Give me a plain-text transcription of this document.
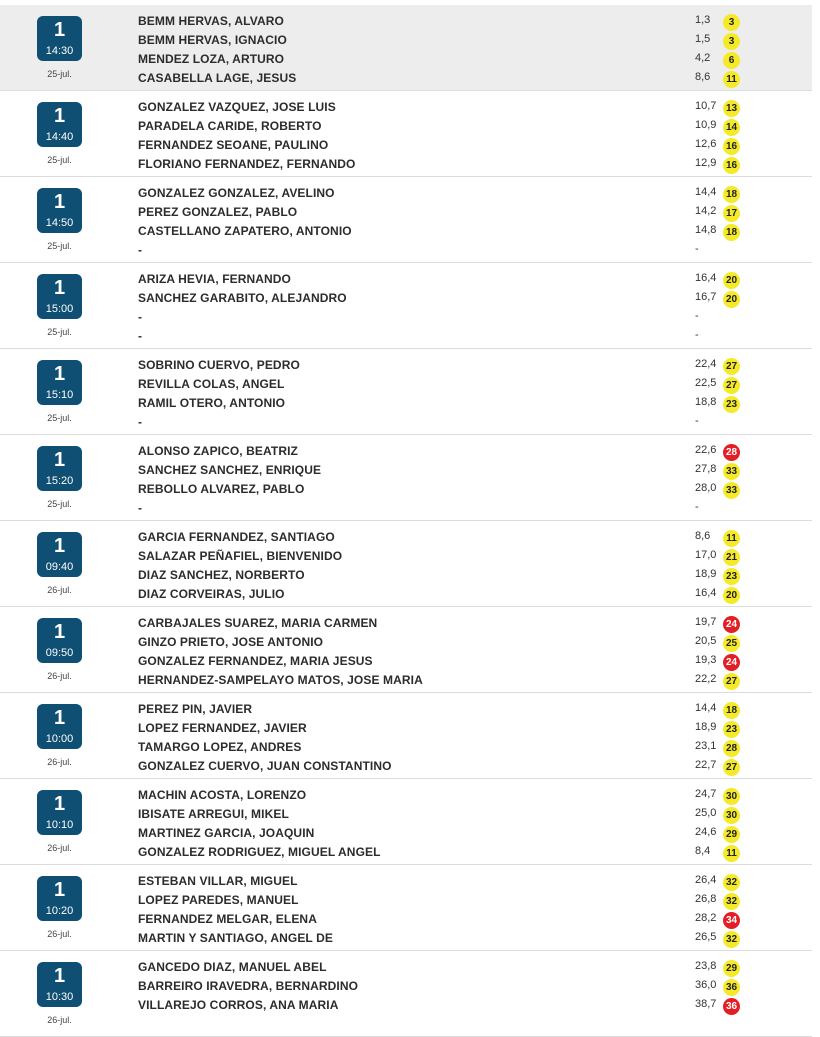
1
14:30
25-jul.
BEMM HERVAS, ALVARO	1,3	3
BEMM HERVAS, IGNACIO	1,5	3
MENDEZ LOZA, ARTURO	4,2	6
CASABELLA LAGE, JESUS	8,6	11
1
14:40
25-jul.
GONZALEZ VAZQUEZ, JOSE LUIS	10,7 13
PARADELA CARIDE, ROBERTO	10,9 14
FERNANDEZ SEOANE, PAULINO	12,6 16
FLORIANO FERNANDEZ, FERNANDO	12,9 16
1
14:50
25-jul.
GONZALEZ GONZALEZ, AVELINO	14,4 18
PEREZ GONZALEZ, PABLO	14,2 17
CASTELLANO ZAPATERO, ANTONIO	14,8 18
-	-
1
15:00
25-jul.
ARIZA HEVIA, FERNANDO	16,4 20
SANCHEZ GARABITO, ALEJANDRO	16,7 20
-	-
-	-
1
15:10
25-jul.
SOBRINO CUERVO, PEDRO	22,4 27
REVILLA COLAS, ANGEL	22,5 27
RAMIL OTERO, ANTONIO	18,8 23
-	-
1
15:20
25-jul.
ALONSO ZAPICO, BEATRIZ	22,6 28
SANCHEZ SANCHEZ, ENRIQUE	27,8 33
REBOLLO ALVAREZ, PABLO	28,0 33
-	-
1
09:40
26-jul.
GARCIA FERNANDEZ, SANTIAGO	8,6	11
SALAZAR PEÑAFIEL, BIENVENIDO	17,0 21
DIAZ SANCHEZ, NORBERTO	18,9 23
DIAZ CORVEIRAS, JULIO	16,4 20
1
09:50
26-jul.
CARBAJALES SUAREZ, MARIA CARMEN	19,7 24
GINZO PRIETO, JOSE ANTONIO	20,5 25
GONZALEZ FERNANDEZ, MARIA JESUS	19,3 24
HERNANDEZ-SAMPELAYO MATOS, JOSE MARIA	22,2 27
1
10:00
26-jul.
PEREZ PIN, JAVIER	14,4 18
LOPEZ FERNANDEZ, JAVIER	18,9 23
TAMARGO LOPEZ, ANDRES	23,1 28
GONZALEZ CUERVO, JUAN CONSTANTINO	22,7 27
1
10:10
26-jul.
MACHIN ACOSTA, LORENZO	24,7 30
IBISATE ARREGUI, MIKEL	25,0 30
MARTINEZ GARCIA, JOAQUIN	24,6 29
GONZALEZ RODRIGUEZ, MIGUEL ANGEL	8,4	11
1
10:20
26-jul.
ESTEBAN VILLAR, MIGUEL	26,4 32
LOPEZ PAREDES, MANUEL	26,8 32
FERNANDEZ MELGAR, ELENA	28,2 34
MARTIN Y SANTIAGO, ANGEL DE	26,5 32
1
10:30
26-jul.
GANCEDO DIAZ, MANUEL ABEL	23,8 29
BARREIRO IRAVEDRA, BERNARDINO	36,0 36
VILLAREJO CORROS, ANA MARIA	38,7 36
